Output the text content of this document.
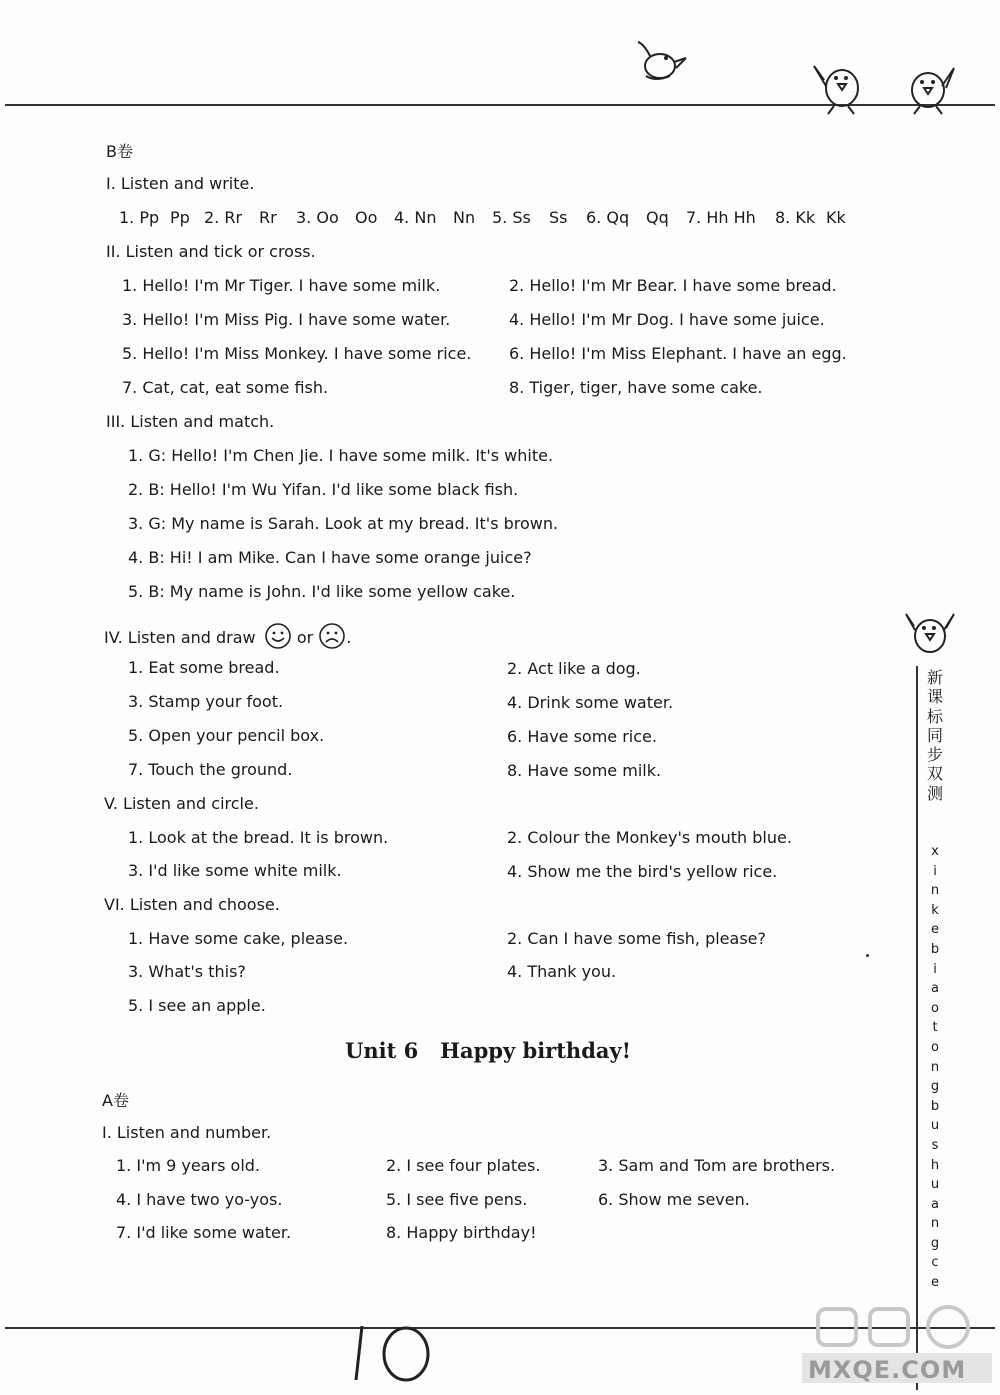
B卷
I. Listen and write.
1. Pp Pp 2. Rr Rr 3. Oo Oo 4. Nn Nn 5. Ss Ss 6. Qq Qq 7. Hh Hh 8. Kk Kk
II. Listen and tick or cross.
1. Hello! I'm Mr Tiger. I have some milk.	2. Hello! I'm Mr Bear. I have some bread.
3. Hello! I'm Miss Pig. I have some water.	4. Hello! I'm Mr Dog. I have some juice.
5. Hello! I'm Miss Monkey. I have some rice. 6. Hello! I'm Miss Elephant. I have an egg.
7. Cat, cat, eat some fish.	8. Tiger, tiger, have some cake.
III. Listen and match.
1. G: Hello! I'm Chen Jie. I have some milk. It's white.
2. B: Hello! I'm Wu Yifan. I'd like some black fish.
3. G: My name is Sarah. Look at my bread. It's brown.
4. B: Hi! I am Mike. Can I have some orange juice?
5. B: My name is John. I'd like some yellow cake.
IV. Listen and draw	or .
1. Eat some bread.	2. Act like a dog.
3. Stamp your foot.	4. Drink some water.
5. Open your pencil box.	6. Have some rice.
7. Touch the ground.	8. Have some milk.
V. Listen and circle.
1. Look at the bread. It is brown.	2. Colour the Monkey's mouth blue.
3. I'd like some white milk.	4. Show me the bird's yellow rice.
VI. Listen and choose.
1. Have some cake, please.	2. Can I have some fish, please?
3. What's this?	4. Thank you.
5. I see an apple.
Unit 6   Happy birthday!
A卷
I. Listen and number.
1. I'm 9 years old.	2. I see four plates.	3. Sam and Tom are brothers.
4. I have two yo-yos.	5. I see five pens.	6. Show me seven.
7. I'd like some water.	8. Happy birthday!
新
课
标
同
步
双
测
x
i
n
k
e
b
i
a
o
t
o
n
g
b
u
s
h
u
a
n
g
c
e
MXQE.COM
